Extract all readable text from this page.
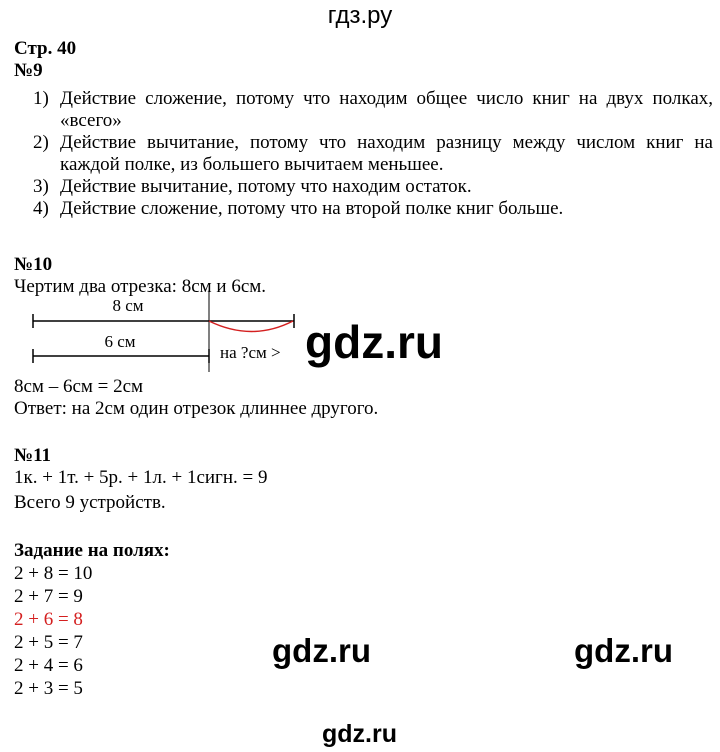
гдз.ру
Стр. 40
№9
1) Действие сложение, потому что находим общее число книг на двух полках, «всего»
2) Действие вычитание, потому что находим разницу между числом книг на каждой полке, из большего вычитаем меньшее.
3) Действие вычитание, потому что находим остаток.
4) Действие сложение, потому что на второй полке книг больше.
№10
Чертим два отрезка: 8см и 6см.
8 см
6 см
на ?см >
8см – 6см = 2см
Ответ: на 2см один отрезок длиннее другого.
№11
1к. + 1т. + 5р. + 1л. + 1сигн. = 9
Всего 9 устройств.
Задание на полях:
2 + 8 = 10
2 + 7 = 9
2 + 6 = 8
2 + 5 = 7
2 + 4 = 6
2 + 3 = 5
gdz.ru
gdz.ru	gdz.ru
gdz.ru
